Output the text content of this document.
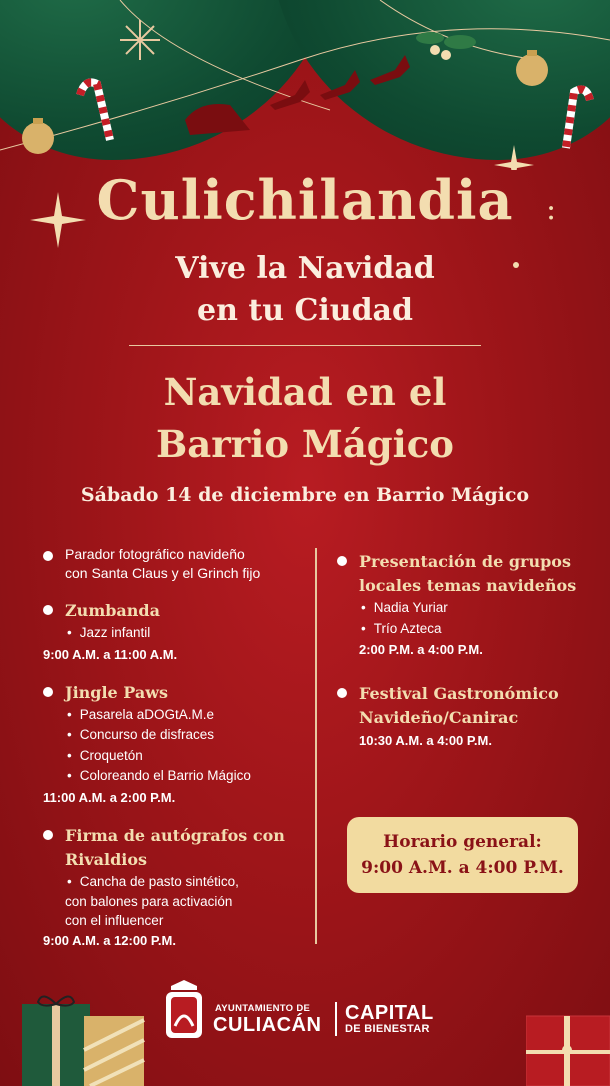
Culichilandia	:
Vive la Navidad
en tu Ciudad
Navidad en el
Barrio Mágico
Sábado 14 de diciembre en Barrio Mágico
Parador fotográfico navideño
con Santa Claus y el Grinch fijo
Zumbanda
• Jazz infantil
9:00 A.M. a 11:00 A.M.
Jingle Paws
• Pasarela aDOGtA.M.e
• Concurso de disfraces
• Croquetón
• Coloreando el Barrio Mágico
11:00 A.M. a 2:00 P.M.
Firma de autógrafos con
Rivaldios
• Cancha de pasto sintético,
con balones para activación
con el influencer
9:00 A.M. a 12:00 P.M.
Presentación de grupos
locales temas navideños
• Nadia Yuriar
• Trío Azteca
2:00 P.M. a 4:00 P.M.
Festival Gastronómico
Navideño/Canirac
10:30 A.M. a 4:00 P.M.
Horario general:
9:00 A.M. a 4:00 P.M.
AYUNTAMIENTO DE
CULIACÁN
CAPITAL
DE BIENESTAR
